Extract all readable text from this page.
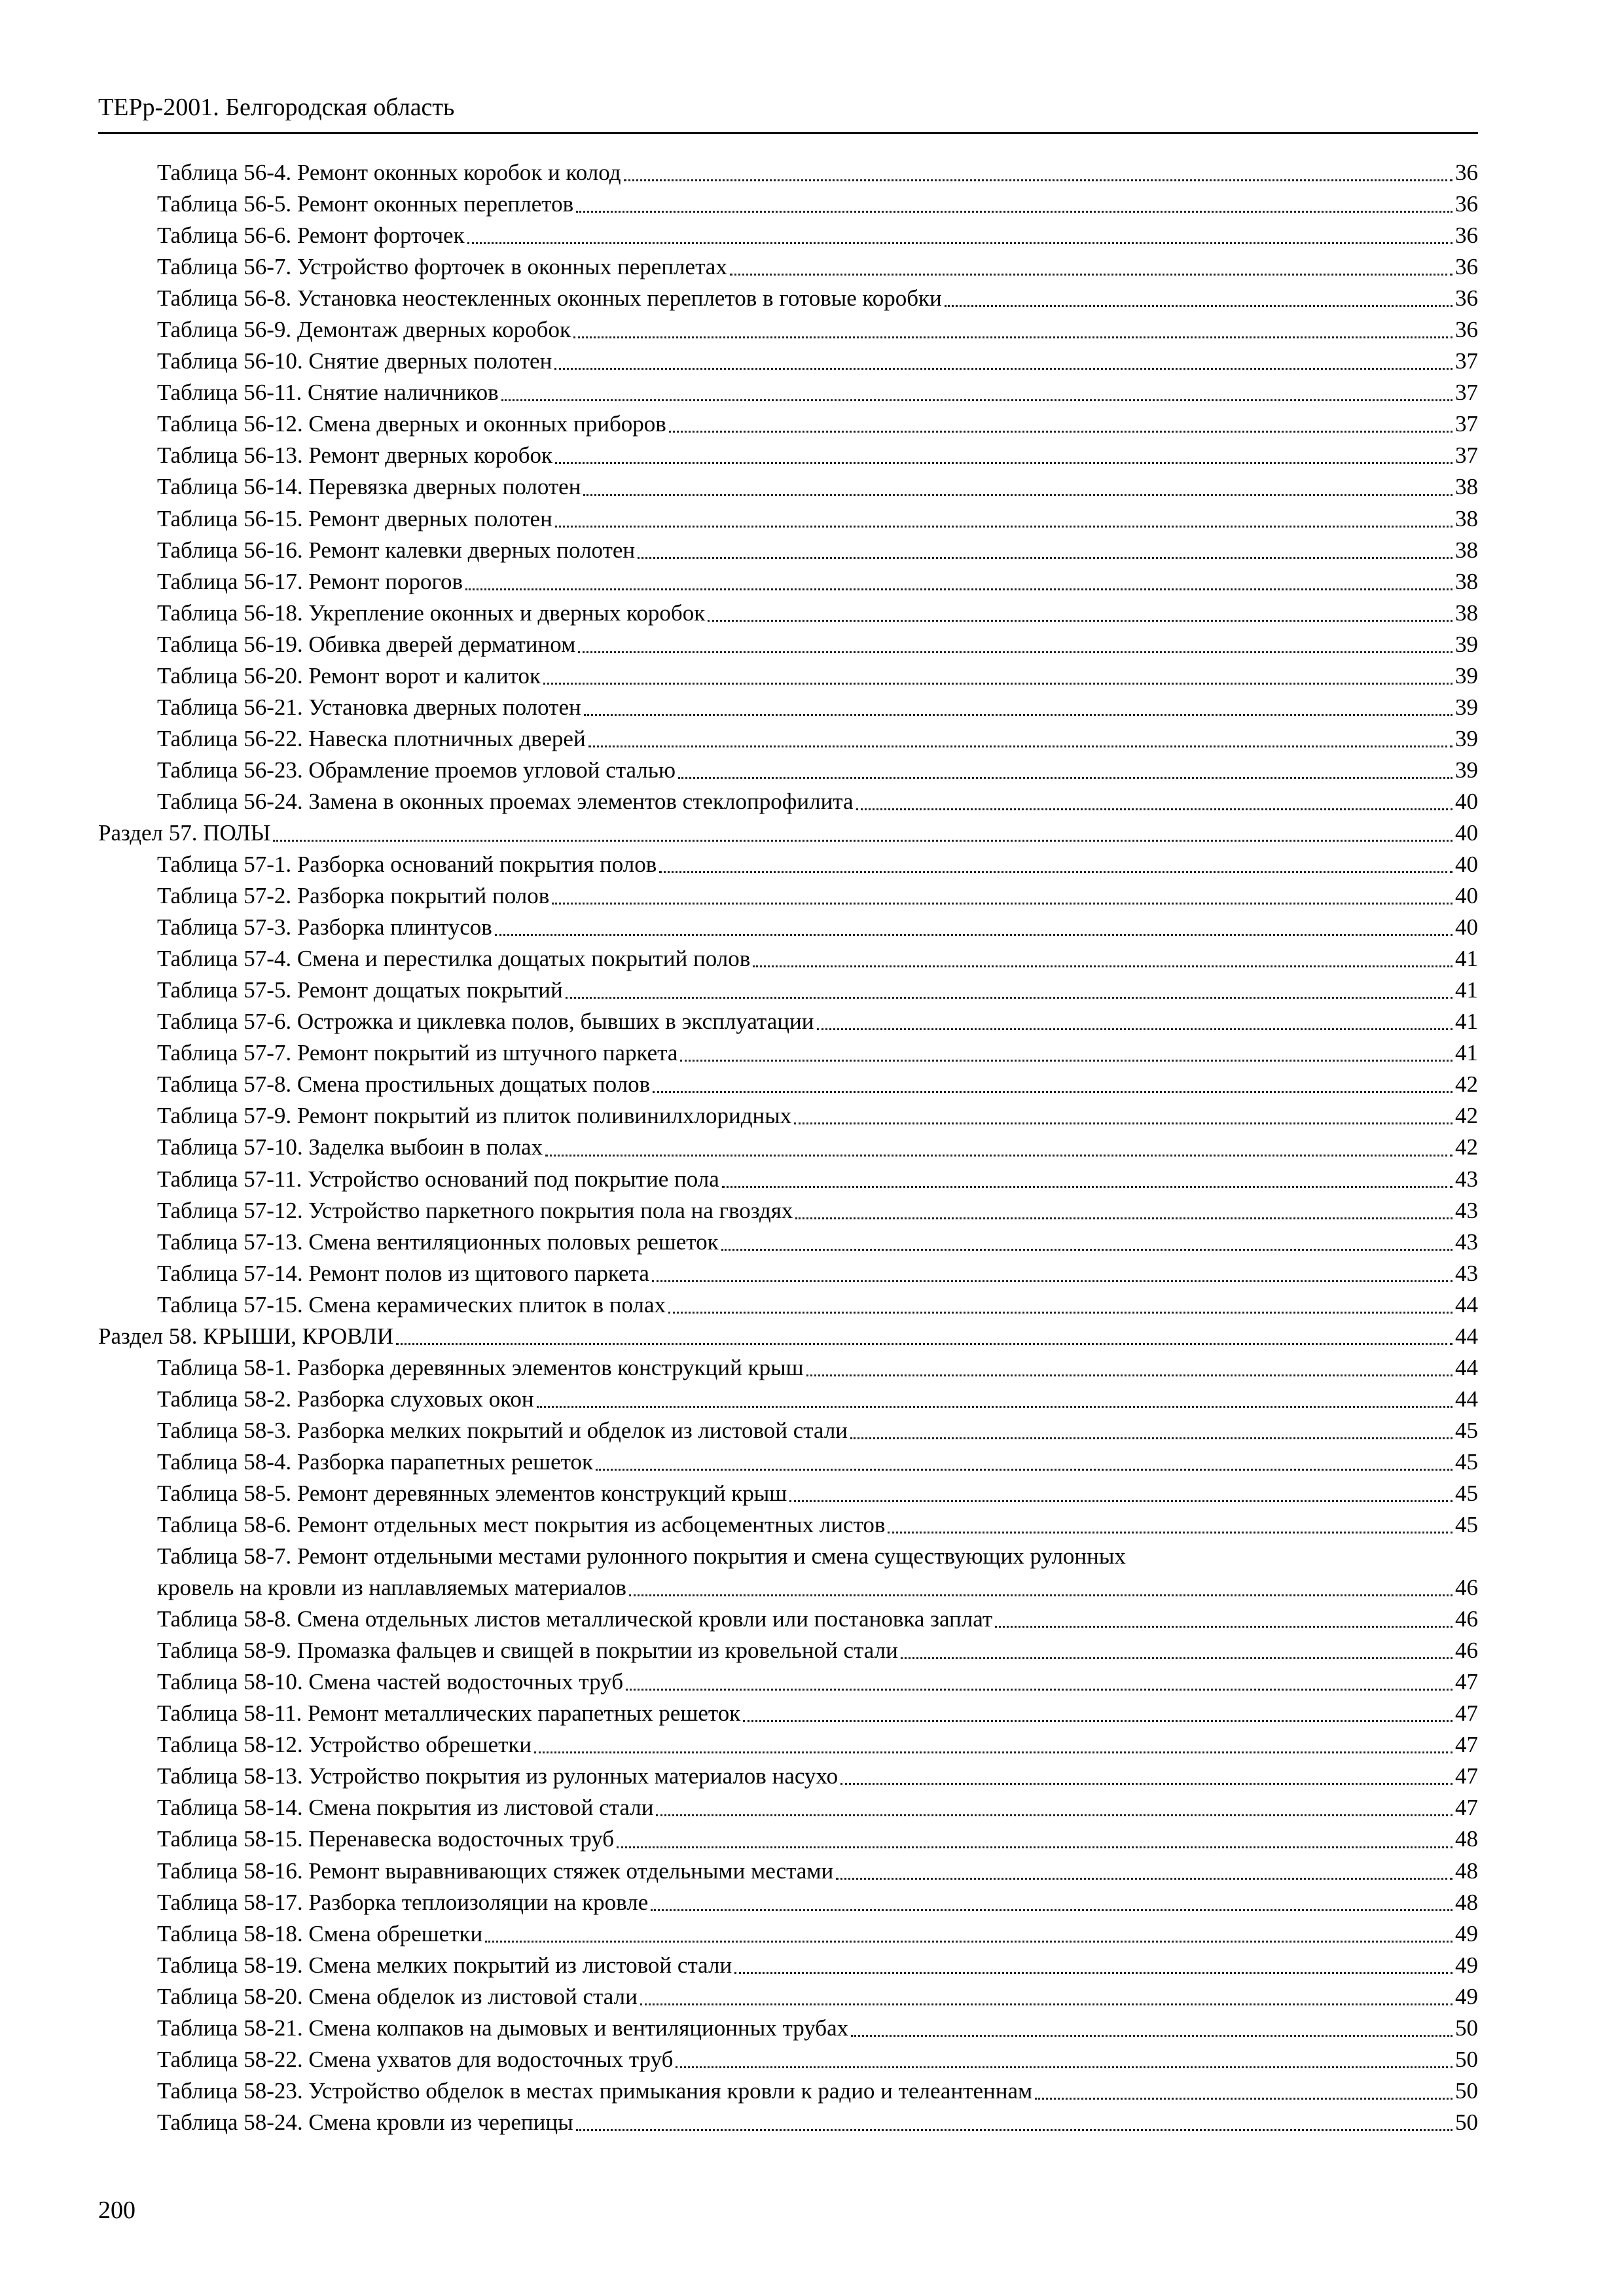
ТЕРр-2001. Белгородская область
Таблица 56-4. Ремонт оконных коробок и колод	36
Таблица 56-5. Ремонт оконных переплетов	36
Таблица 56-6. Ремонт форточек	36
Таблица 56-7. Устройство форточек в оконных переплетах	36
Таблица 56-8. Установка неостекленных оконных переплетов в готовые коробки	36
Таблица 56-9. Демонтаж дверных коробок	36
Таблица 56-10. Снятие дверных полотен	37
Таблица 56-11. Снятие наличников	37
Таблица 56-12. Смена дверных и оконных приборов	37
Таблица 56-13. Ремонт дверных коробок	37
Таблица 56-14. Перевязка дверных полотен	38
Таблица 56-15. Ремонт дверных полотен	38
Таблица 56-16. Ремонт калевки дверных полотен	38
Таблица 56-17. Ремонт порогов	38
Таблица 56-18. Укрепление оконных и дверных коробок	38
Таблица 56-19. Обивка дверей дерматином	39
Таблица 56-20. Ремонт ворот и калиток	39
Таблица 56-21. Установка дверных полотен	39
Таблица 56-22. Навеска плотничных дверей	39
Таблица 56-23. Обрамление проемов угловой сталью	39
Таблица 56-24. Замена в оконных проемах элементов стеклопрофилита	40
Раздел 57. ПОЛЫ	40
Таблица 57-1. Разборка оснований покрытия полов	40
Таблица 57-2. Разборка покрытий полов	40
Таблица 57-3. Разборка плинтусов	40
Таблица 57-4. Смена и перестилка дощатых покрытий полов	41
Таблица 57-5. Ремонт дощатых покрытий	41
Таблица 57-6. Острожка и циклевка полов, бывших в эксплуатации	41
Таблица 57-7. Ремонт покрытий из штучного паркета	41
Таблица 57-8. Смена простильных дощатых полов	42
Таблица 57-9. Ремонт покрытий из плиток поливинилхлоридных	42
Таблица 57-10. Заделка выбоин в полах	42
Таблица 57-11. Устройство оснований под покрытие пола	43
Таблица 57-12. Устройство паркетного покрытия пола на гвоздях	43
Таблица 57-13. Смена вентиляционных половых решеток	43
Таблица 57-14. Ремонт полов из щитового паркета	43
Таблица 57-15. Смена керамических плиток в полах	44
Раздел 58. КРЫШИ, КРОВЛИ	44
Таблица 58-1. Разборка деревянных элементов конструкций крыш	44
Таблица 58-2. Разборка слуховых окон	44
Таблица 58-3. Разборка мелких покрытий и обделок из листовой стали	45
Таблица 58-4. Разборка парапетных решеток	45
Таблица 58-5. Ремонт деревянных элементов конструкций крыш	45
Таблица 58-6. Ремонт отдельных мест покрытия из асбоцементных листов	45
Таблица 58-7. Ремонт отдельными местами рулонного покрытия и смена существующих рулонных
кровель на кровли из наплавляемых материалов	46
Таблица 58-8. Смена отдельных листов металлической кровли или постановка заплат	46
Таблица 58-9. Промазка фальцев и свищей в покрытии из кровельной стали	46
Таблица 58-10. Смена частей водосточных труб	47
Таблица 58-11. Ремонт металлических парапетных решеток	47
Таблица 58-12. Устройство обрешетки	47
Таблица 58-13. Устройство покрытия из рулонных материалов насухо	47
Таблица 58-14. Смена покрытия из листовой стали	47
Таблица 58-15. Перенавеска водосточных труб	48
Таблица 58-16. Ремонт выравнивающих стяжек отдельными местами	48
Таблица 58-17. Разборка теплоизоляции на кровле	48
Таблица 58-18. Смена обрешетки	49
Таблица 58-19. Смена мелких покрытий из листовой стали	49
Таблица 58-20. Смена обделок из листовой стали	49
Таблица 58-21. Смена колпаков на дымовых и вентиляционных трубах	50
Таблица 58-22. Смена ухватов для водосточных труб	50
Таблица 58-23. Устройство обделок в местах примыкания кровли к радио и телеантеннам	50
Таблица 58-24. Смена кровли из черепицы	50
200
